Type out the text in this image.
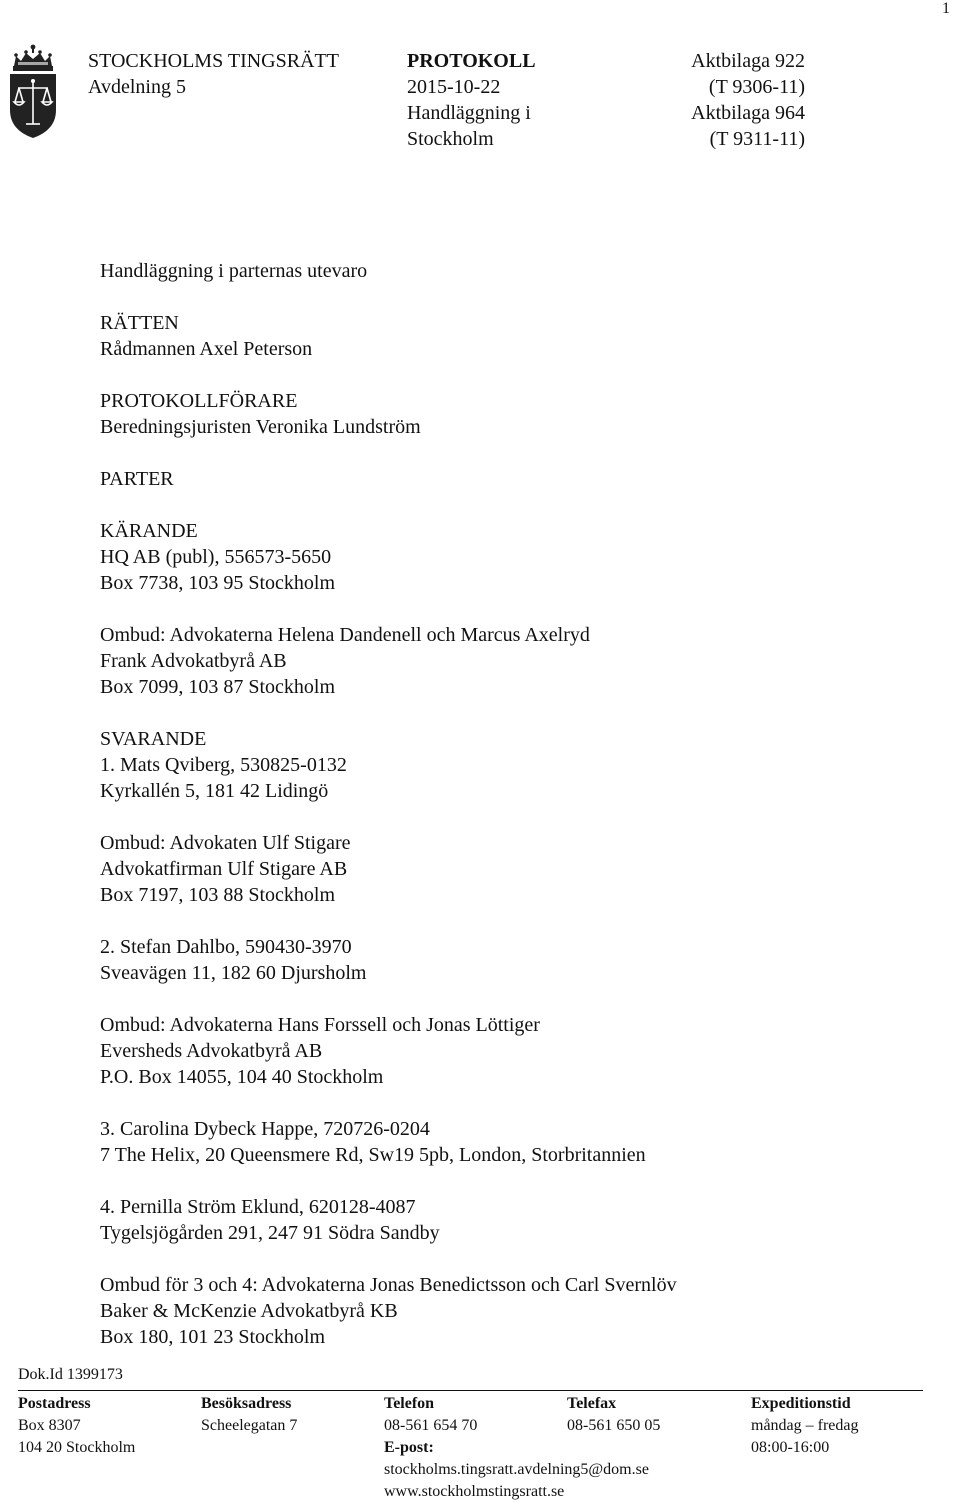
1
STOCKHOLMS TINGSRÄTT
Avdelning 5
PROTOKOLL
2015-10-22
Handläggning i
Stockholm
Aktbilaga 922
(T 9306-11)
Aktbilaga 964
(T 9311-11)
Handläggning i parternas utevaro
RÄTTEN
Rådmannen Axel Peterson
PROTOKOLLFÖRARE
Beredningsjuristen Veronika Lundström
PARTER
KÄRANDE
HQ AB (publ), 556573-5650
Box 7738, 103 95 Stockholm
Ombud: Advokaterna Helena Dandenell och Marcus Axelryd
Frank Advokatbyrå AB
Box 7099, 103 87 Stockholm
SVARANDE
1. Mats Qviberg, 530825-0132
Kyrkallén 5, 181 42 Lidingö
Ombud: Advokaten Ulf Stigare
Advokatfirman Ulf Stigare AB
Box 7197, 103 88 Stockholm
2. Stefan Dahlbo, 590430-3970
Sveavägen 11, 182 60 Djursholm
Ombud: Advokaterna Hans Forssell och Jonas Löttiger
Eversheds Advokatbyrå AB
P.O. Box 14055, 104 40 Stockholm
3. Carolina Dybeck Happe, 720726-0204
7 The Helix, 20 Queensmere Rd, Sw19 5pb, London, Storbritannien
4. Pernilla Ström Eklund, 620128-4087
Tygelsjögården 291, 247 91 Södra Sandby
Ombud för 3 och 4: Advokaterna Jonas Benedictsson och Carl Svernlöv
Baker & McKenzie Advokatbyrå KB
Box 180, 101 23 Stockholm
Dok.Id 1399173
Postadress
Box 8307
104 20 Stockholm
Besöksadress
Scheelegatan 7
Telefon
08-561 654 70
E-post:
stockholms.tingsratt.avdelning5@dom.se
www.stockholmstingsratt.se
Telefax
08-561 650 05
Expeditionstid
måndag – fredag
08:00-16:00
